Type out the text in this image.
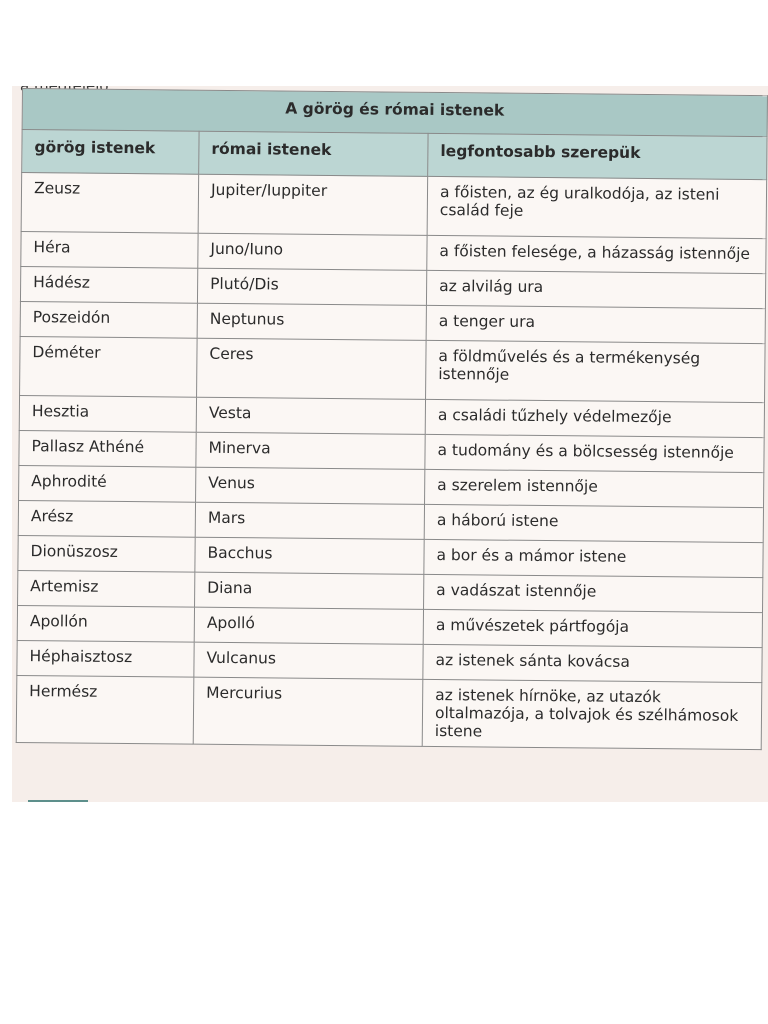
A görög és római istenek		
görög istenek	római istenek	legfontosabb szerepük
Zeusz	Jupiter/Iuppiter	a főisten, az ég uralkodója, az isteni család feje
Héra	Juno/Iuno	a főisten felesége, a házasság istennője
Hádész	Plutó/Dis	az alvilág ura
Poszeidón	Neptunus	a tenger ura
Déméter	Ceres	a földművelés és a termékenység istennője
Hesztia	Vesta	a családi tűzhely védelmezője
Pallasz Athéné	Minerva	a tudomány és a bölcsesség istennője
Aphrodité	Venus	a szerelem istennője
Arész	Mars	a háború istene
Dionüszosz	Bacchus	a bor és a mámor istene
Artemisz	Diana	a vadászat istennője
Apollón	Apolló	a művészetek pártfogója
Héphaisztosz	Vulcanus	az istenek sánta kovácsa
Hermész	Mercurius	az istenek hírnöke, az utazók oltalmazója, a tolvajok és szélhámosok istene
